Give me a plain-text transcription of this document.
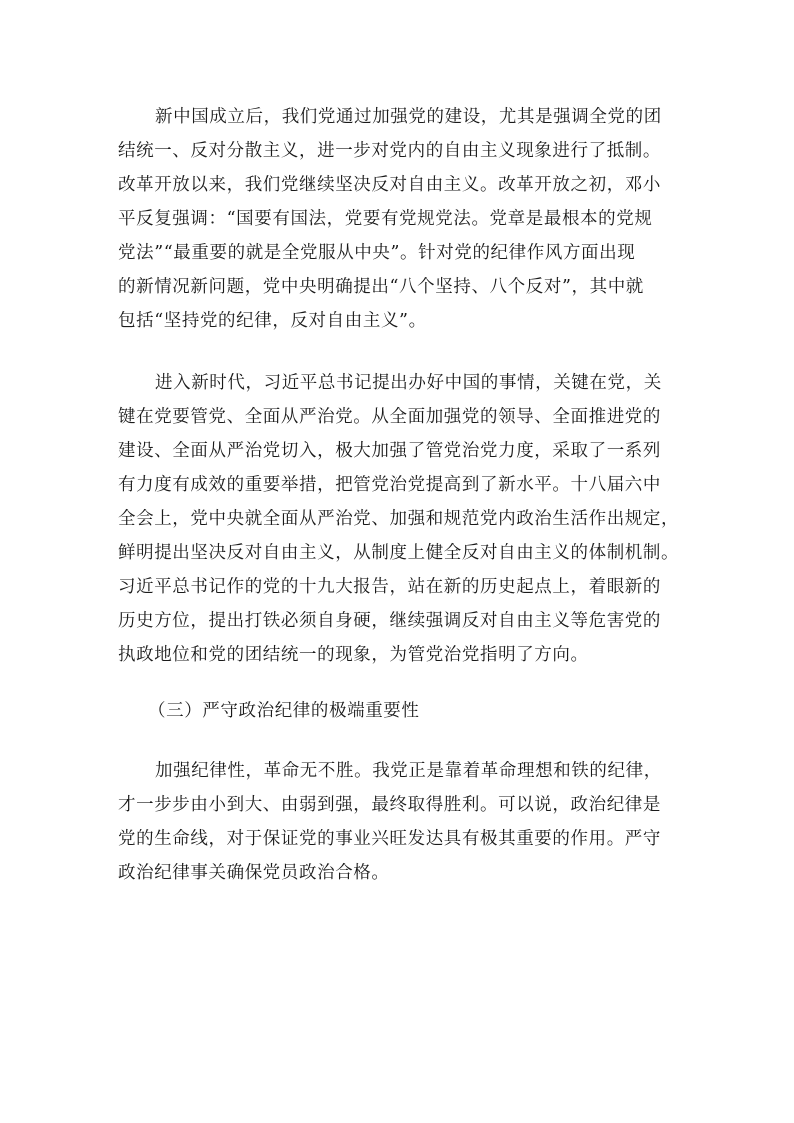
新中国成立后，我们党通过加强党的建设，尤其是强调全党的团
结统一、反对分散主义，进一步对党内的自由主义现象进行了抵制。
改革开放以来，我们党继续坚决反对自由主义。改革开放之初，邓小
平反复强调：“国要有国法，党要有党规党法。党章是最根本的党规
党法”“最重要的就是全党服从中央”。针对党的纪律作风方面出现
的新情况新问题，党中央明确提出“八个坚持、八个反对”，其中就
包括“坚持党的纪律，反对自由主义”。

进入新时代，习近平总书记提出办好中国的事情，关键在党，关
键在党要管党、全面从严治党。从全面加强党的领导、全面推进党的
建设、全面从严治党切入，极大加强了管党治党力度，采取了一系列
有力度有成效的重要举措，把管党治党提高到了新水平。十八届六中
全会上，党中央就全面从严治党、加强和规范党内政治生活作出规定，
鲜明提出坚决反对自由主义，从制度上健全反对自由主义的体制机制。
习近平总书记作的党的十九大报告，站在新的历史起点上，着眼新的
历史方位，提出打铁必须自身硬，继续强调反对自由主义等危害党的
执政地位和党的团结统一的现象，为管党治党指明了方向。

（三）严守政治纪律的极端重要性

加强纪律性，革命无不胜。我党正是靠着革命理想和铁的纪律，
才一步步由小到大、由弱到强，最终取得胜利。可以说，政治纪律是
党的生命线，对于保证党的事业兴旺发达具有极其重要的作用。严守
政治纪律事关确保党员政治合格。
